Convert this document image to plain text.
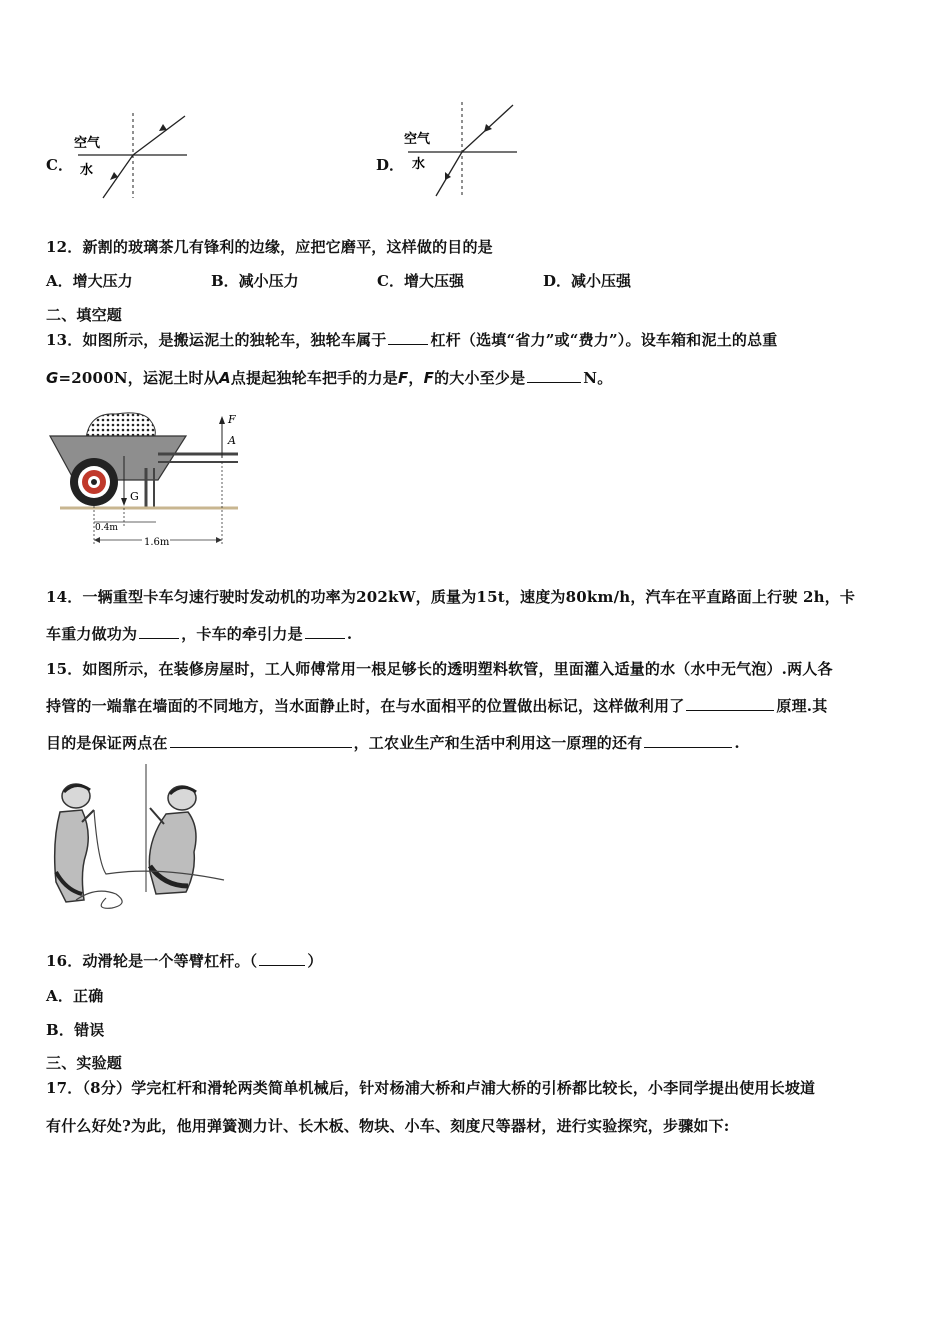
C．
空气
水	D．
空气
水
12．新割的玻璃茶几有锋利的边缘，应把它磨平，这样做的目的是
A．增大压力	B．减小压力	C．增大压强	D．减小压强
二、填空题
13．如图所示，是搬运泥土的独轮车，独轮车属于	杠杆（选填“省力”或“费力”）。设车箱和泥土的总重
G=2000N，运泥土时从A点提起独轮车把手的力是F，F的大小至少是	N。
G
F
A
0.4m
1.6m
14．一辆重型卡车匀速行驶时发动机的功率为202kW，质量为15t，速度为80km/h，汽车在平直路面上行驶 2h，卡
车重力做功为	，卡车的牵引力是	.
15．如图所示，在装修房屋时，工人师傅常用一根足够长的透明塑料软管，里面灌入适量的水（水中无气泡）.两人各
持管的一端靠在墙面的不同地方，当水面静止时，在与水面相平的位置做出标记，这样做利用了	原理.其
目的是保证两点在	，工农业生产和生活中利用这一原理的还有	.
16．动滑轮是一个等臂杠杆。（	）
A．正确
B．错误
三、实验题
17．（8分）学完杠杆和滑轮两类简单机械后，针对杨浦大桥和卢浦大桥的引桥都比较长，小李同学提出使用长坡道
有什么好处?为此，他用弹簧测力计、长木板、物块、小车、刻度尺等器材，进行实验探究，步骤如下:
